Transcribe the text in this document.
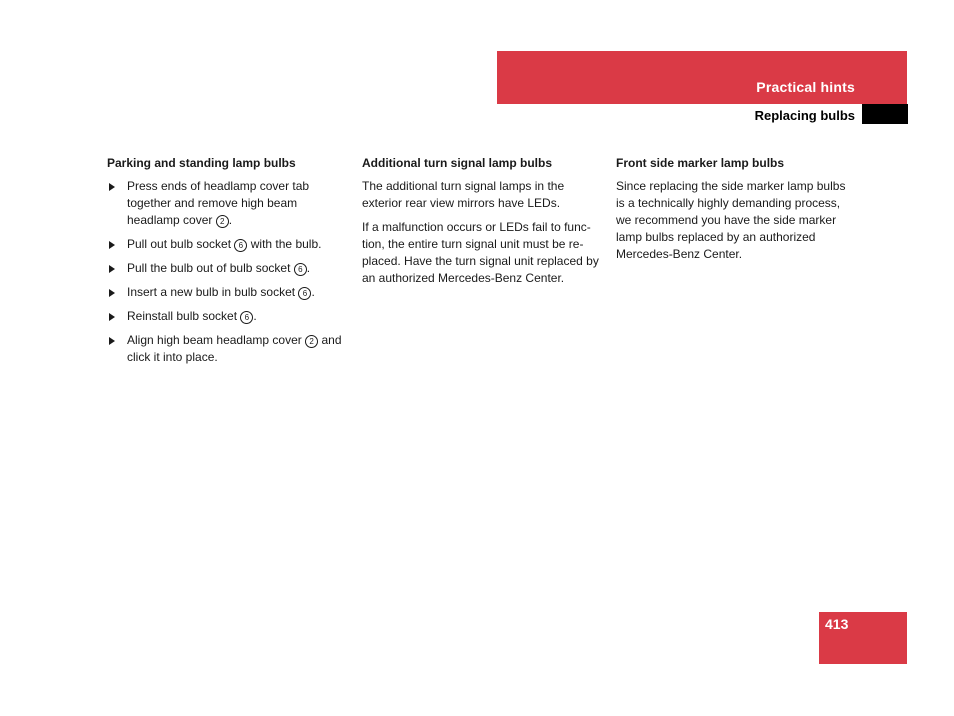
Practical hints
Replacing bulbs
Parking and standing lamp bulbs
Press ends of headlamp cover tab together and remove high beam headlamp cover 2 .
Pull out bulb socket 6 with the bulb.
Pull the bulb out of bulb socket 6 .
Insert a new bulb in bulb socket 6 .
Reinstall bulb socket 6 .
Align high beam headlamp cover 2 and click it into place.
Additional turn signal lamp bulbs

The additional turn signal lamps in the exterior rear view mirrors have LEDs.

If a malfunction occurs or LEDs fail to func-tion, the entire turn signal unit must be re-placed. Have the turn signal unit replaced by an authorized Mercedes-Benz Center.

Front side marker lamp bulbs

Since replacing the side marker lamp bulbs is a technically highly demanding process, we recommend you have the side marker lamp bulbs replaced by an authorized Mercedes-Benz Center.

413
